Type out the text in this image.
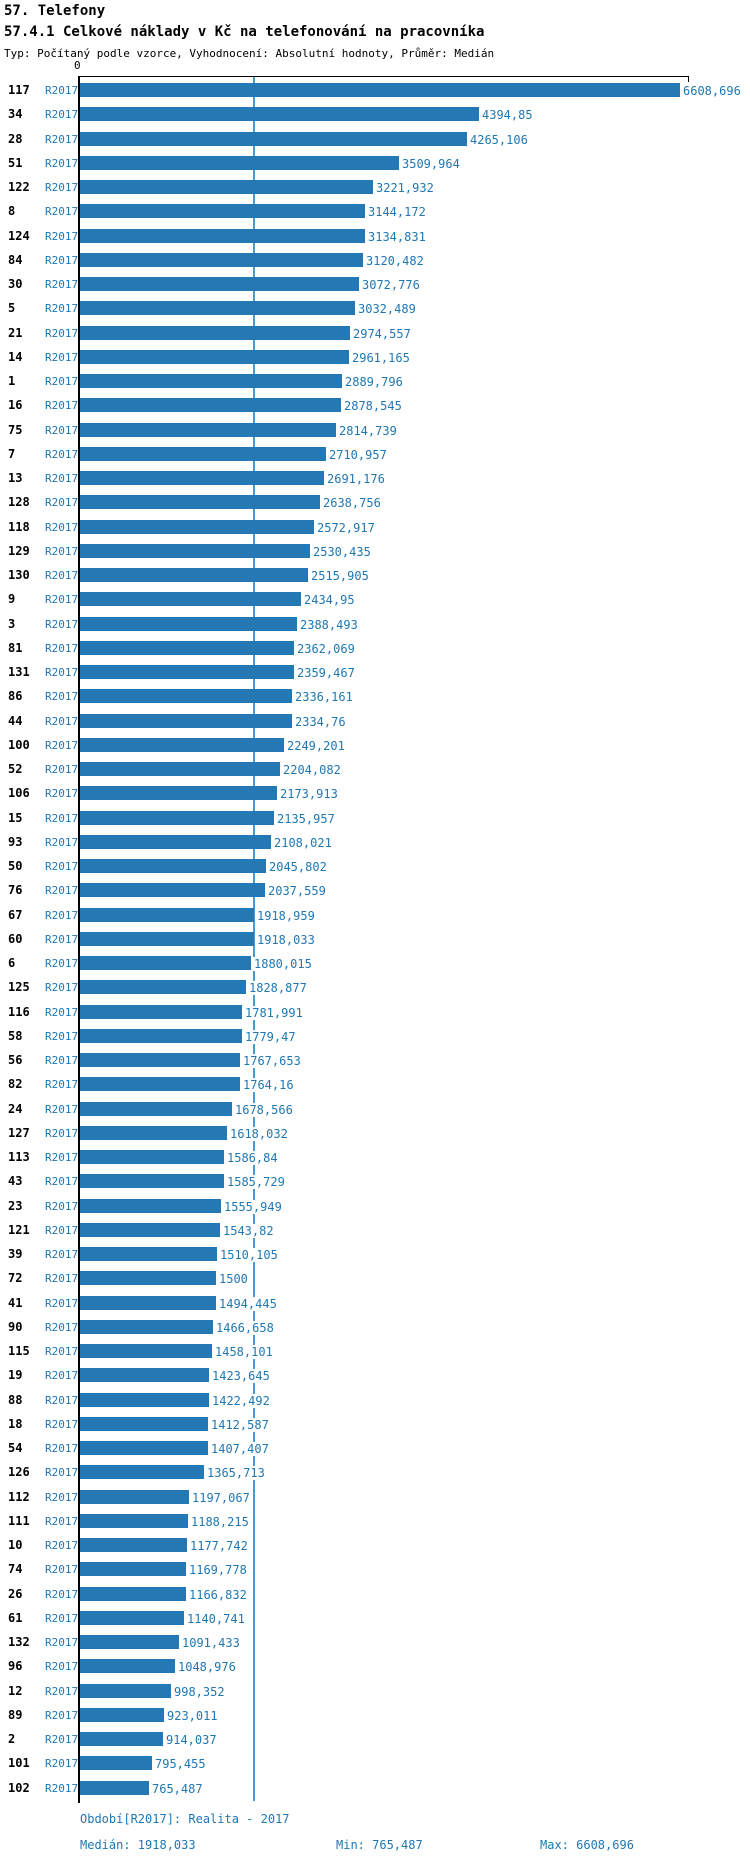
57. Telefony
57.4.1 Celkové náklady v Kč na telefonování na pracovníka
Typ: Počítaný podle vzorce, Vyhodnocení: Absolutní hodnoty, Průměr: Medián
0
117 R2017	6608,696
34 R2017	4394,85
28 R2017	4265,106
51 R2017	3509,964
122 R2017	3221,932
8	R2017	3144,172
124 R2017	3134,831
84 R2017	3120,482
30 R2017	3072,776
5	R2017	3032,489
21 R2017	2974,557
14 R2017	2961,165
1	R2017	2889,796
16 R2017	2878,545
75 R2017	2814,739
7	R2017	2710,957
13 R2017	2691,176
128 R2017	2638,756
118 R2017	2572,917
129 R2017	2530,435
130 R2017	2515,905
9	R2017	2434,95
3	R2017	2388,493
81 R2017	2362,069
131 R2017	2359,467
86 R2017	2336,161
44 R2017	2334,76
100 R2017	2249,201
52 R2017	2204,082
106 R2017	2173,913
15 R2017	2135,957
93 R2017	2108,021
50 R2017	2045,802
76 R2017	2037,559
67 R2017	1918,959
60 R2017	1918,033
6	R2017	1880,015
125 R2017	1828,877
116 R2017	1781,991
58 R2017	1779,47
56 R2017	1767,653
82 R2017	1764,16
24 R2017	1678,566
127 R2017	1618,032
113 R2017	1586,84
43 R2017	1585,729
23 R2017	1555,949
121 R2017	1543,82
39 R2017	1510,105
72 R2017	1500
41 R2017	1494,445
90 R2017	1466,658
115 R2017	1458,101
19 R2017	1423,645
88 R2017	1422,492
18 R2017	1412,587
54 R2017	1407,407
126 R2017	1365,713
112 R2017	1197,067
111 R2017	1188,215
10 R2017	1177,742
74 R2017	1169,778
26 R2017	1166,832
61 R2017	1140,741
132 R2017	1091,433
96 R2017	1048,976
12 R2017	998,352
89 R2017	923,011
2	R2017	914,037
101 R2017	795,455
102 R2017	765,487
Období[R2017]: Realita - 2017
Medián: 1918,033	Min: 765,487	Max: 6608,696
